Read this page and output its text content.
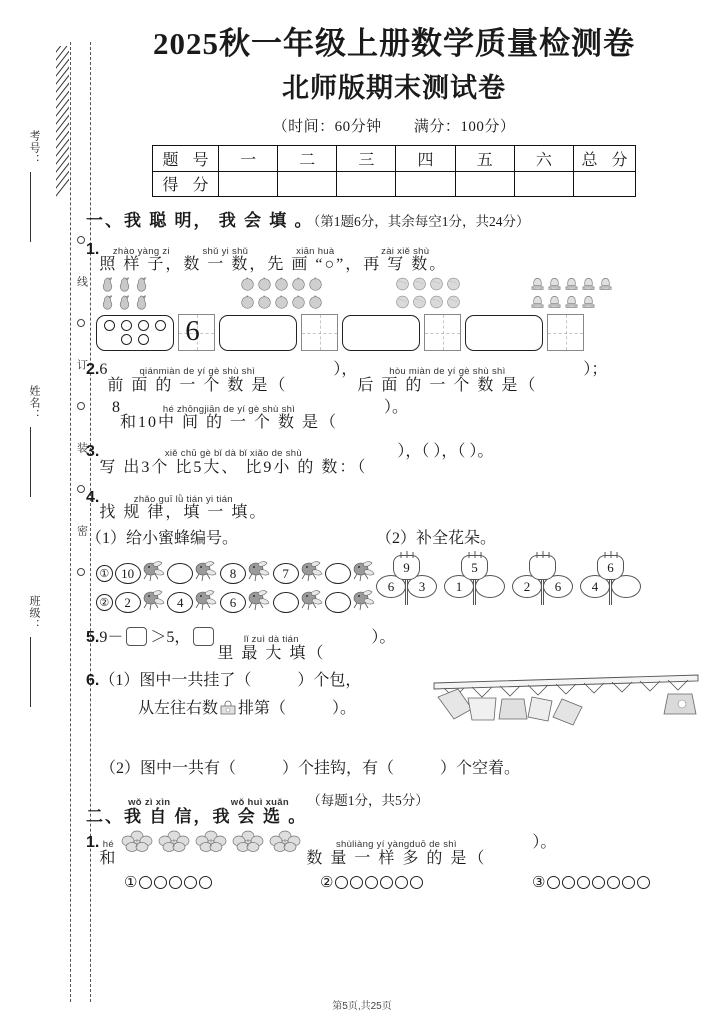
线
订
装
密
考号：
姓名：
班级：
2025秋一年级上册数学质量检测卷
北师版期末测试卷
（时间：60分钟 满分：100分）
题 号	一	二	三	四	五	六	总 分
得 分							
一、我 聪 明， 我 会 填 。（第1题6分，其余每空1分，共24分）
1.	zhào yàng zi
照 样 子，
shǔ yi shǔ
数 一 数，
xiān huà
先 画 “○”，
zài xiě shù
再 写 数。
6
2.6	qiánmiàn de yí gè shù shì
前 面 的 一 个 数 是（
），	hòu miàn de yí gè shù shì
后 面 的 一 个 数 是（
）；
8	hé zhōngjiān de yí gè shù shì
和10中 间 的 一 个 数 是（
）。
3.	xiě chū gè bǐ dà bǐ xiǎo de shù
写 出3个 比5大、 比9小 的 数：（
），（ ），（ ）。
4.	zhǎo guī lǜ tián yi tián
找 规 律，填 一 填。
（1）给小蜜蜂编号。	（2）补全花朵。
① 10	8	7
②	2	4	6
9
6	3
5
1	2	6
6
4
5.9－ ＞5，	lǐ zuì dà tián
里 最 大 填（
）。
6.（1）图中一共挂了（	）个包，
从左往右数 排第（	）。
（2）图中一共有（	）个挂钩，有（	）个空着。
wǒ zì xìn
二、我 自 信，
wǒ huì xuǎn
我 会 选 。
（每题1分，共5分）
1. hé
和

shùliàng yí yàngduō de shì
数 量 一 样 多 的 是（
）。
①	②	③
第5页,共25页
